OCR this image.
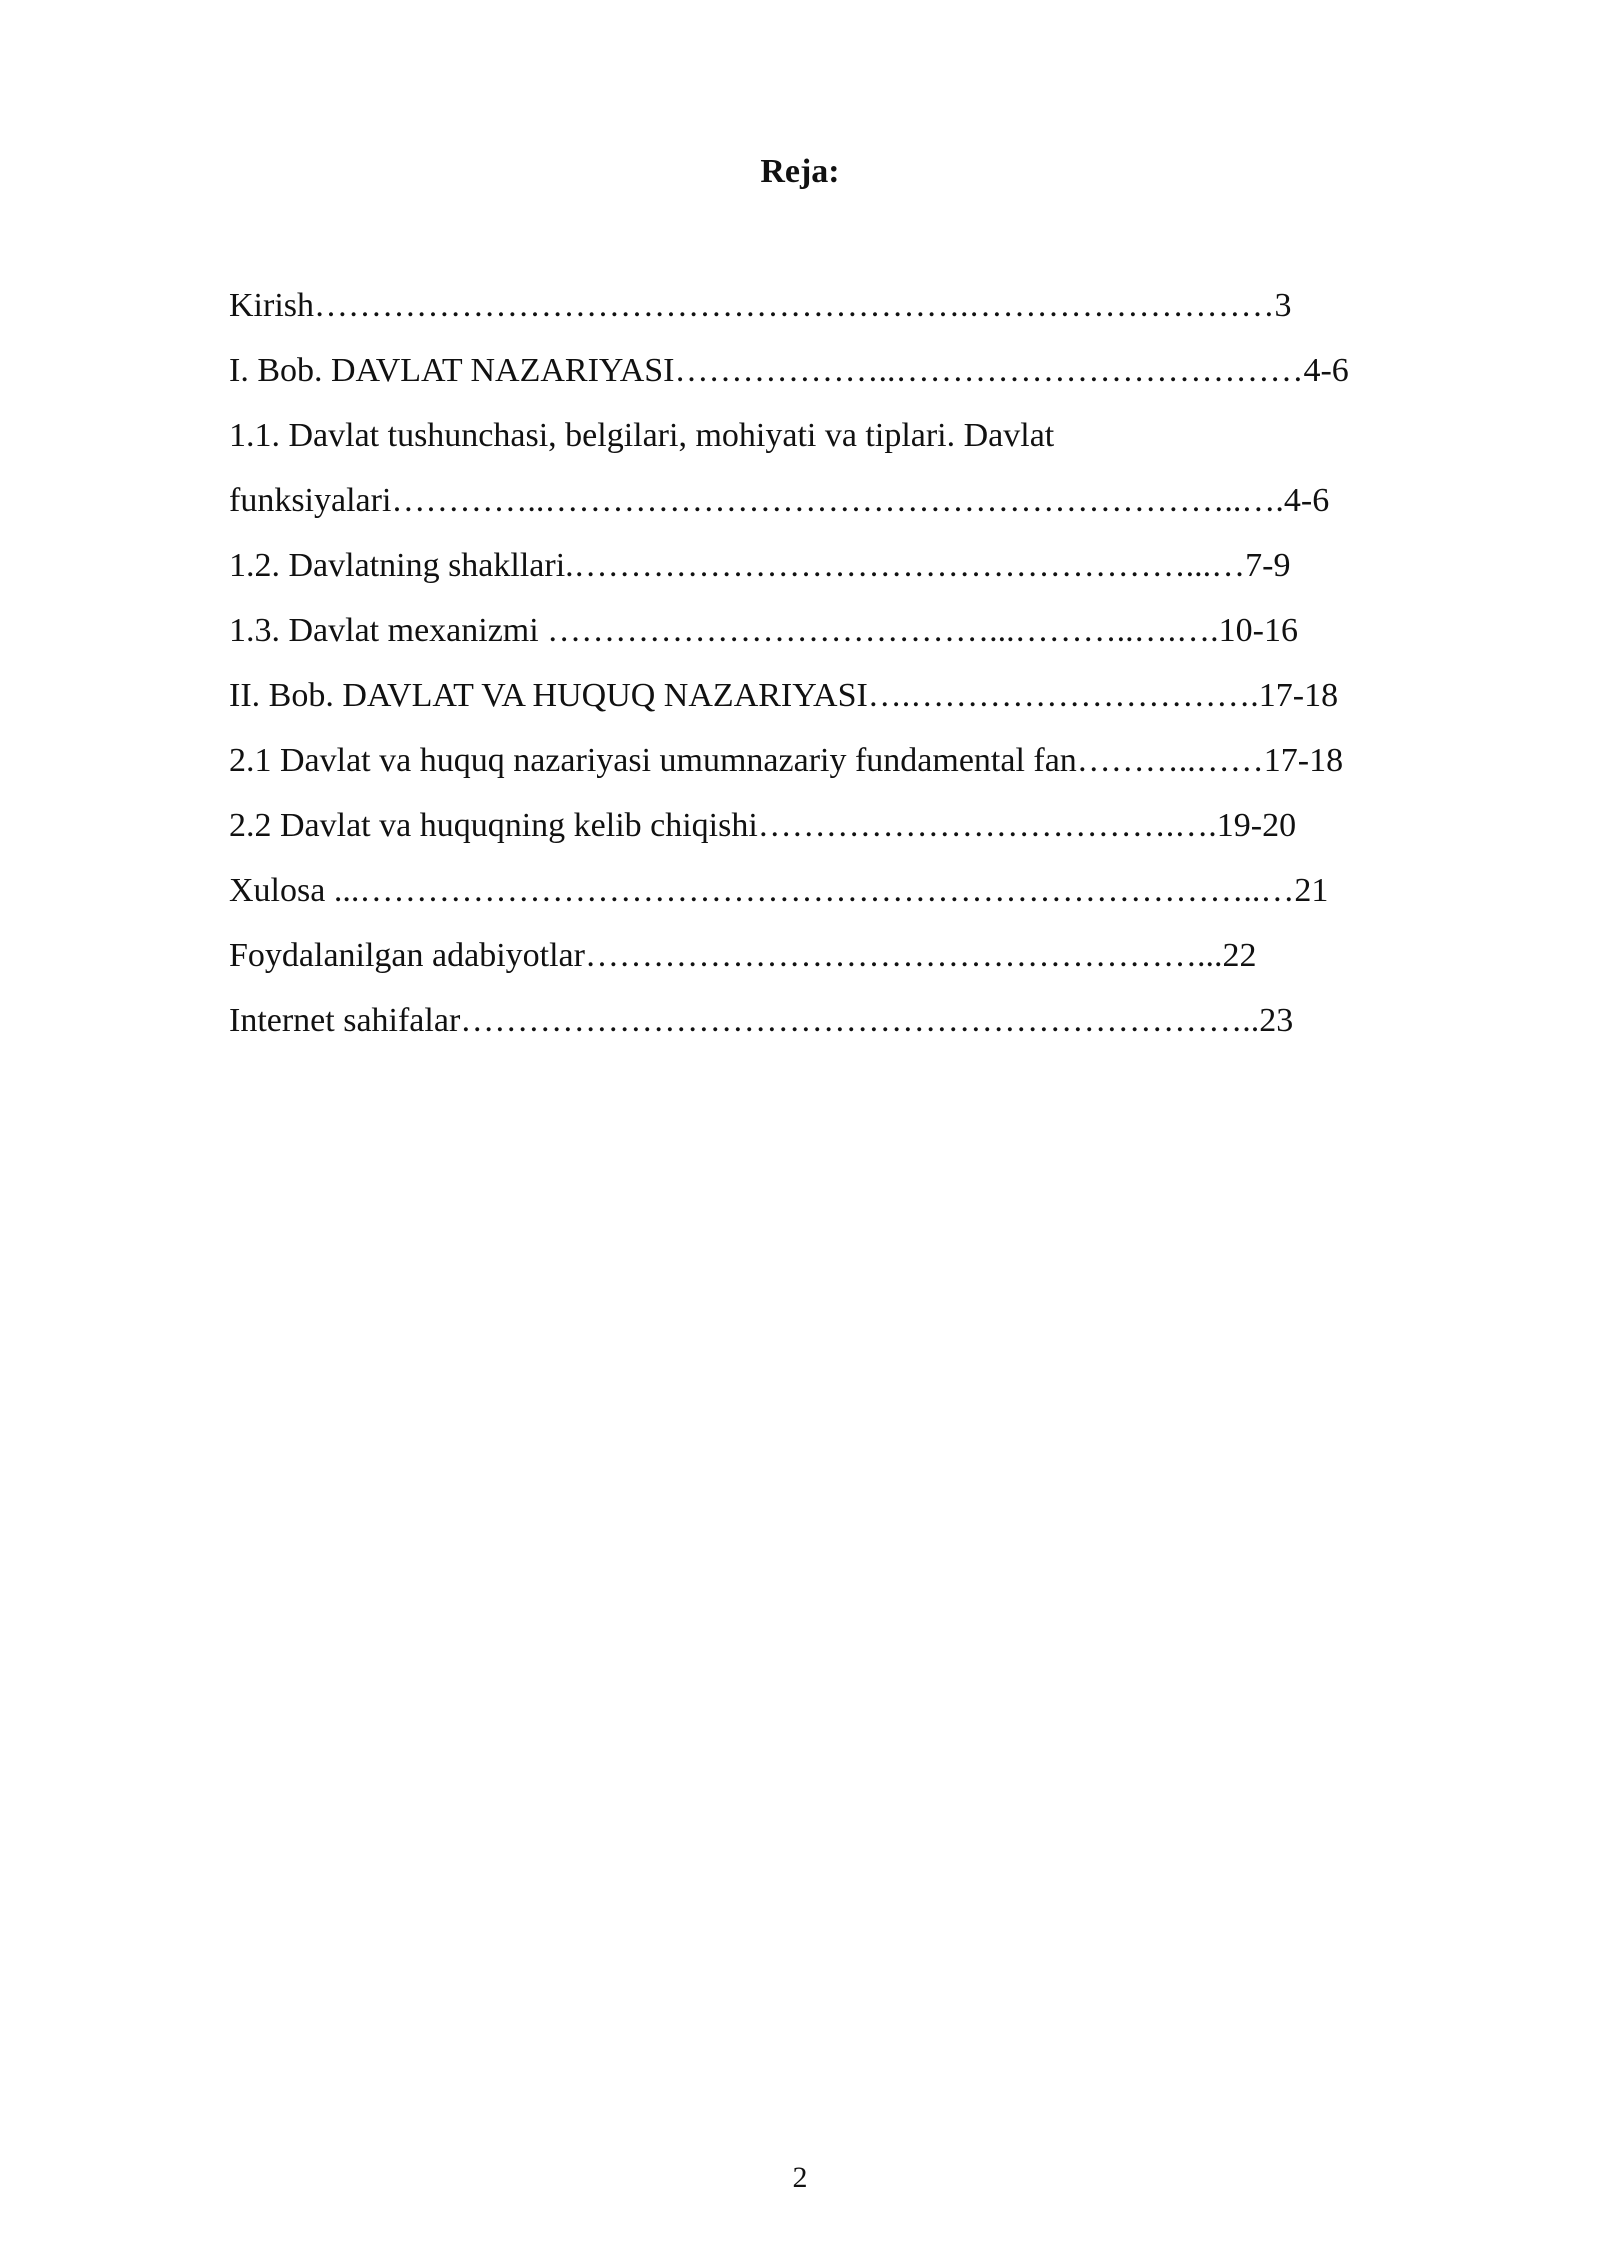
Reja:
Kirish………………………………………………….………………………3
I. Bob. DAVLAT NAZARIYASI………………..………………………………4-6
1.1. Davlat tushunchasi, belgilari, mohiyati va tiplari. Davlat
funksiyalari…………..……………………………………………………..….4-6
1.2. Davlatning shakllari.………………………………………………...…7-9
1.3. Davlat mexanizmi …………………………………...………..….….10-16
II. Bob. DAVLAT VA HUQUQ NAZARIYASI….………………………….17-18
2.1 Davlat va huquq nazariyasi umumnazariy fundamental fan………..……17-18
2.2 Davlat va huquqning kelib chiqishi……………………………….….19-20
Xulosa ...……………………………………………………………………..…21
Foydalanilgan adabiyotlar………………………………………………...22
Internet sahifalar……………………………………………………………..23
2
